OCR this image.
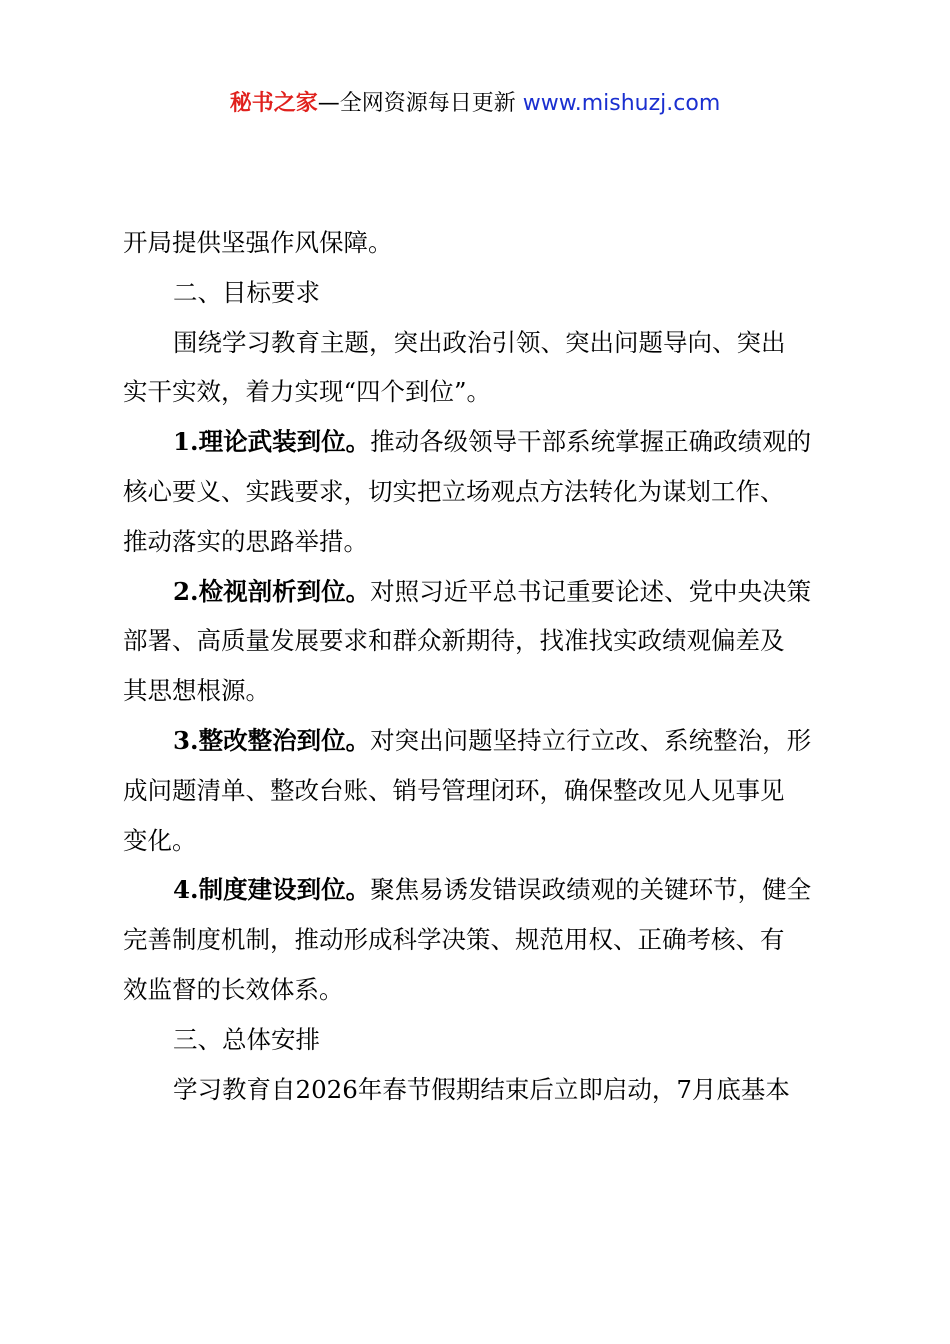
秘书之家—全网资源每日更新 www.mishuzj.com

开局提供坚强作风保障。

二、目标要求

围绕学习教育主题，突出政治引领、突出问题导向、突出

实干实效，着力实现“四个到位”。

1.理论武装到位。推动各级领导干部系统掌握正确政绩观的

核心要义、实践要求，切实把立场观点方法转化为谋划工作、

推动落实的思路举措。

2.检视剖析到位。对照习近平总书记重要论述、党中央决策

部署、高质量发展要求和群众新期待，找准找实政绩观偏差及

其思想根源。

3.整改整治到位。对突出问题坚持立行立改、系统整治，形

成问题清单、整改台账、销号管理闭环，确保整改见人见事见

变化。

4.制度建设到位。聚焦易诱发错误政绩观的关键环节，健全

完善制度机制，推动形成科学决策、规范用权、正确考核、有

效监督的长效体系。

三、总体安排

学习教育自2026年春节假期结束后立即启动，7月底基本
